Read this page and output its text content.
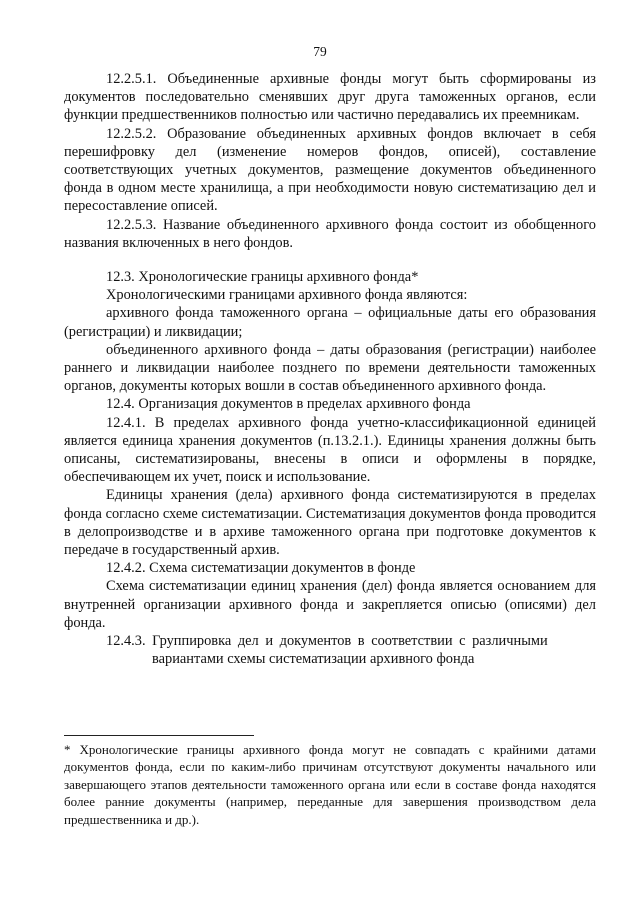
79

12.2.5.1. Объединенные архивные фонды могут быть сформированы из документов последовательно сменявших друг друга таможенных органов, если функции предшественников полностью или частично передавались их преемникам.

12.2.5.2. Образование объединенных архивных фондов включает в себя перешифровку дел (изменение номеров фондов, описей), составление соответствующих учетных документов, размещение документов объединенного фонда в одном месте хранилища, а при необходимости новую систематизацию дел и пересоставление описей.

12.2.5.3. Название объединенного архивного фонда состоит из обобщенного названия включенных в него фондов.

12.3. Хронологические границы архивного фонда*

Хронологическими границами архивного фонда являются:

архивного фонда таможенного органа – официальные даты его образования (регистрации) и ликвидации;

объединенного архивного фонда – даты образования (регистрации) наиболее раннего и ликвидации наиболее позднего по времени деятельности таможенных органов, документы которых вошли в состав объединенного архивного фонда.

12.4. Организация документов в пределах архивного фонда

12.4.1. В пределах архивного фонда учетно-классификационной единицей является единица хранения документов (п.13.2.1.). Единицы хранения должны быть описаны, систематизированы, внесены в описи и оформлены в порядке, обеспечивающем их учет, поиск и использование.

Единицы хранения (дела) архивного фонда систематизируются в пределах фонда согласно схеме систематизации. Систематизация документов фонда проводится в делопроизводстве и в архиве таможенного органа при подготовке документов к передаче в государственный архив.

12.4.2. Схема систематизации документов в фонде

Схема систематизации единиц хранения (дел) фонда является основанием для внутренней организации архивного фонда и закрепляется описью (описями) дел фонда.

12.4.3. Группировка дел и документов в соответствии с различными
вариантами схемы систематизации архивного фонда

* Хронологические границы архивного фонда могут не совпадать с крайними датами документов фонда, если по каким-либо причинам отсутствуют документы начального или завершающего этапов деятельности таможенного органа или если в составе фонда находятся более ранние документы (например, переданные для завершения производством дела предшественника и др.).
